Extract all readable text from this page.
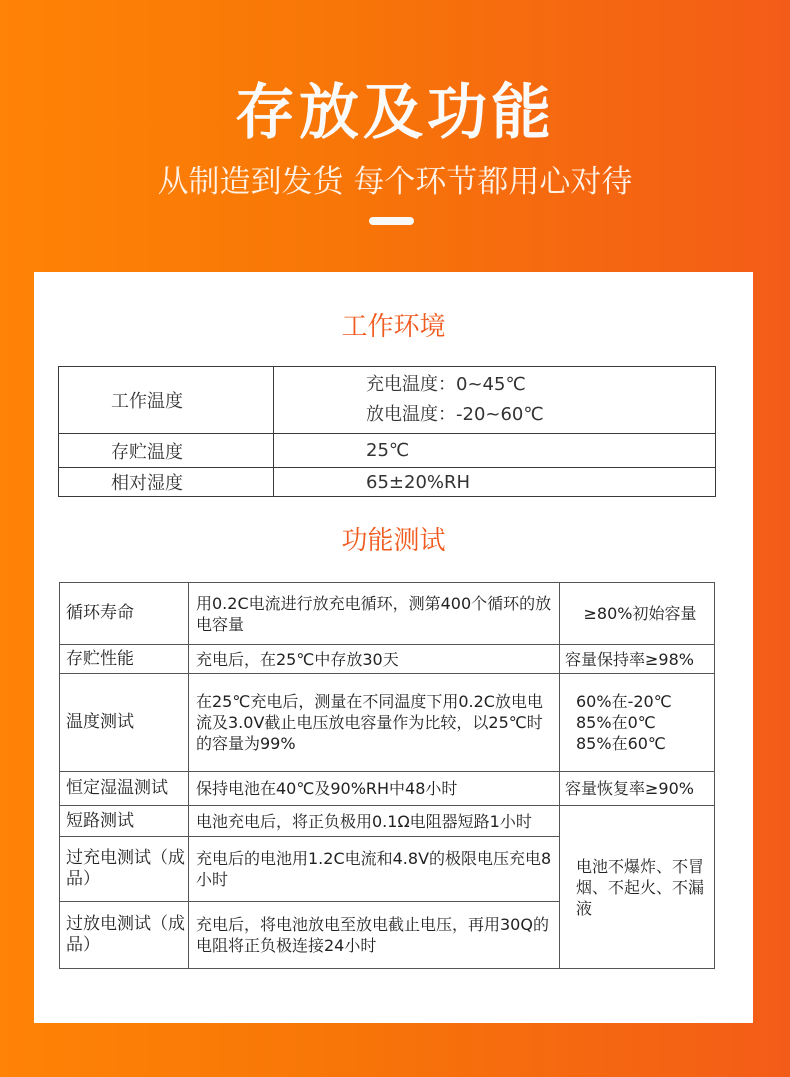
存放及功能
从制造到发货 每个环节都用心对待
工作环境
工作温度	充电温度：0~45℃
放电温度：-20~60℃

存贮温度	25℃
相对湿度	65±20%RH
功能测试
循环寿命	用0.2C电流进行放充电循环，测第400个循环的放电容量	≥80%初始容量
存贮性能	充电后，在25℃中存放30天	容量保持率≥98%
温度测试	在25℃充电后，测量在不同温度下用0.2C放电电流及3.0V截止电压放电容量作为比较，以25℃时的容量为99%	60%在-20℃
85%在0℃
85%在60℃

恒定湿温测试	保持电池在40℃及90%RH中48小时	容量恢复率≥90%
短路测试	电池充电后，将正负极用0.1Ω电阻器短路1小时	电池不爆炸、不冒烟、不起火、不漏液
过充电测试（成品）	充电后的电池用1.2C电流和4.8V的极限电压充电8小时	
过放电测试（成品）	充电后，将电池放电至放电截止电压，再用30Q的电阻将正负极连接24小时	
